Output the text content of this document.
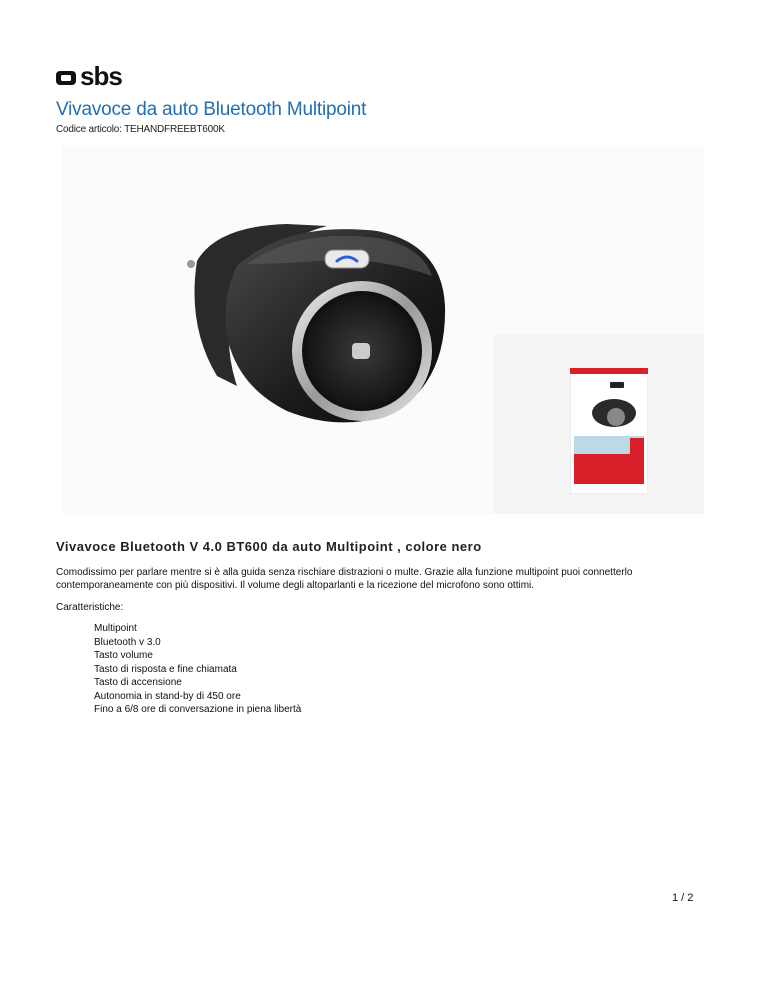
sbs
Vivavoce da auto Bluetooth Multipoint
Codice articolo: TEHANDFREEBT600K
Vivavoce Bluetooth V 4.0 BT600 da auto Multipoint , colore nero

Comodissimo per parlare mentre si è alla guida senza rischiare distrazioni o multe. Grazie alla funzione multipoint puoi connetterlo contemporaneamente con più dispositivi. Il volume degli altoparlanti e la ricezione del microfono sono ottimi.

Caratteristiche:

Multipoint
Bluetooth v 3.0
Tasto volume
Tasto di risposta e fine chiamata
Tasto di accensione
Autonomia in stand-by di 450 ore
Fino a 6/8 ore di conversazione in piena libertà
1 / 2
